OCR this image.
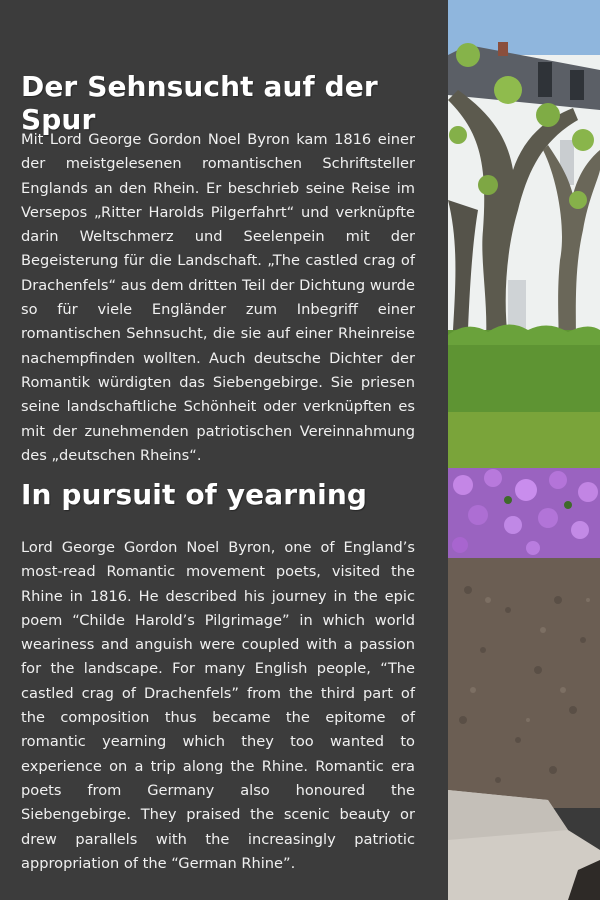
Der Sehnsucht auf der Spur

Mit Lord George Gordon Noel Byron kam 1816 einer der meistgelesenen romantischen Schriftsteller Englands an den Rhein. Er beschrieb seine Reise im Versepos „Ritter Harolds Pilgerfahrt“ und verknüpfte darin Weltschmerz und Seelenpein mit der Begeisterung für die Landschaft. „The castled crag of Drachenfels“ aus dem dritten Teil der Dichtung wurde so für viele Engländer zum Inbegriff einer romantischen Sehnsucht, die sie auf einer Rheinreise nachempfinden wollten. Auch deutsche Dichter der Romantik würdigten das Siebengebirge. Sie priesen seine landschaftliche Schönheit oder verknüpften es mit der zunehmenden patriotischen Vereinnahmung des „deutschen Rheins“.

In pursuit of yearning

Lord George Gordon Noel Byron, one of England’s most-read Romantic movement poets, visited the Rhine in 1816. He described his journey in the epic poem “Childe Harold’s Pilgrimage” in which world weariness and anguish were coupled with a passion for the landscape. For many English people, “The castled crag of Drachenfels” from the third part of the composition thus became the epitome of romantic yearning which they too wanted to experience on a trip along the Rhine. Romantic era poets from Germany also honoured the Siebengebirge. They praised the scenic beauty or drew parallels with the increasingly patriotic appropriation of the “German Rhine”.
